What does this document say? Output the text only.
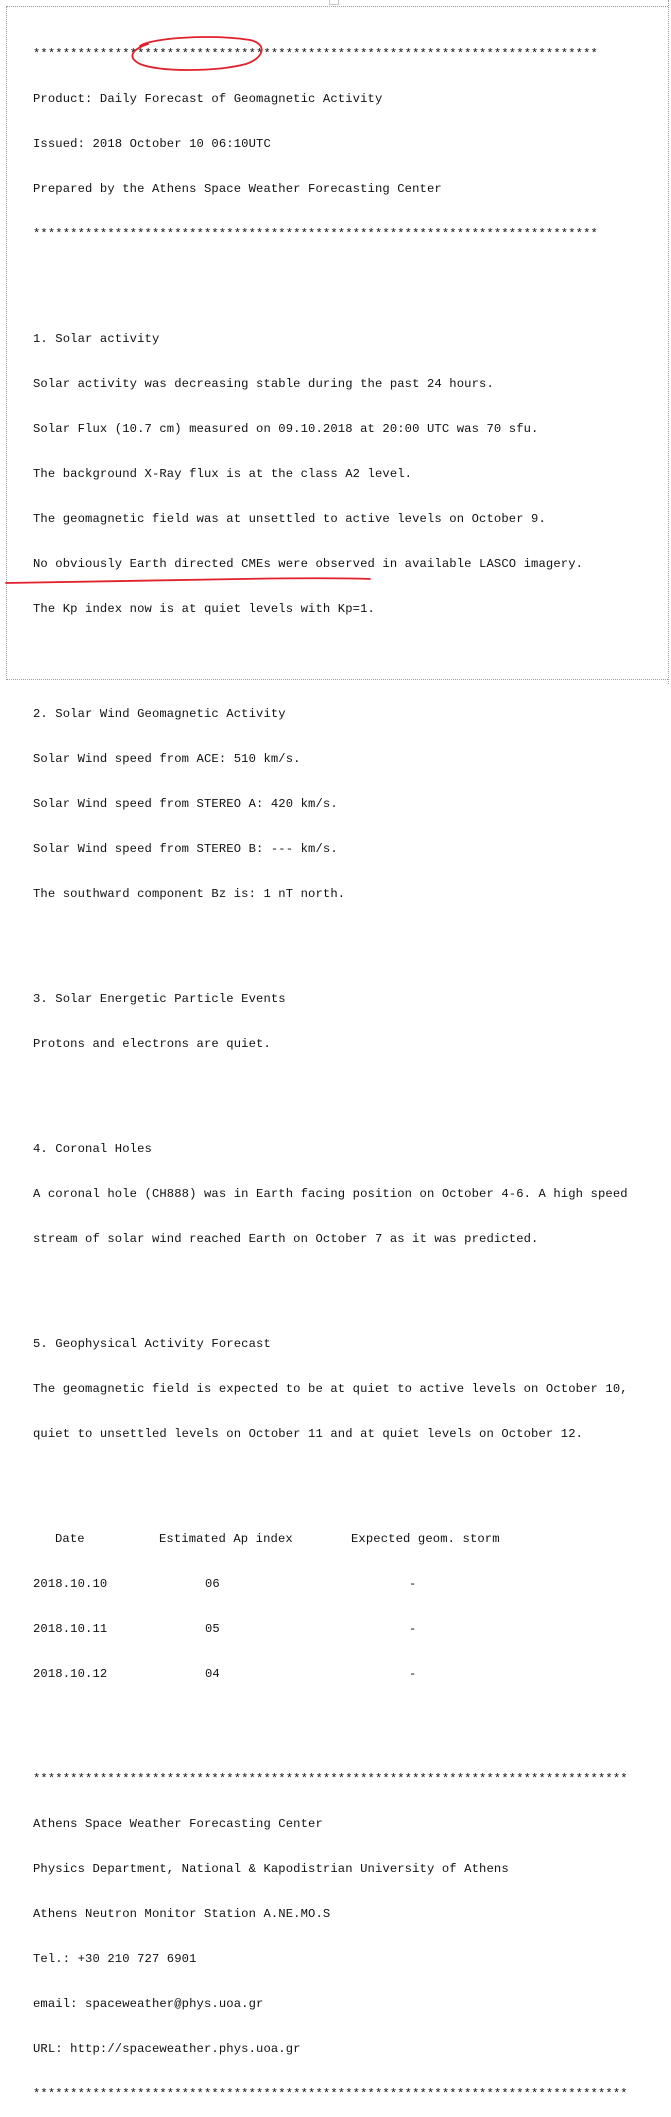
****************************************************************************

Product: Daily Forecast of Geomagnetic Activity

Issued: 2018 October 10 06:10UTC

Prepared by the Athens Space Weather Forecasting Center

****************************************************************************

1. Solar activity

Solar activity was decreasing stable during the past 24 hours.

Solar Flux (10.7 cm) measured on 09.10.2018 at 20:00 UTC was 70 sfu.

The background X-Ray flux is at the class A2 level.

The geomagnetic field was at unsettled to active levels on October 9.

No obviously Earth directed CMEs were observed in available LASCO imagery.

The Kp index now is at quiet levels with Kp=1.

2. Solar Wind Geomagnetic Activity

Solar Wind speed from ACE: 510 km/s.

Solar Wind speed from STEREO A: 420 km/s.

Solar Wind speed from STEREO B: --- km/s.

The southward component Bz is: 1 nT north.

3. Solar Energetic Particle Events

Protons and electrons are quiet.

4. Coronal Holes

A coronal hole (CH888) was in Earth facing position on October 4-6. A high speed

stream of solar wind reached Earth on October 7 as it was predicted.

5. Geophysical Activity Forecast

The geomagnetic field is expected to be at quiet to active levels on October 10,

quiet to unsettled levels on October 11 and at quiet levels on October 12.

Date	Estimated Ap index	Expected geom. storm

2018.10.10	06	-

2018.10.11	05	-

2018.10.12	04	-

********************************************************************************

Athens Space Weather Forecasting Center

Physics Department, National & Kapodistrian University of Athens

Athens Neutron Monitor Station A.NE.MO.S

Tel.: +30 210 727 6901

email: spaceweather@phys.uoa.gr

URL: http://spaceweather.phys.uoa.gr

********************************************************************************
